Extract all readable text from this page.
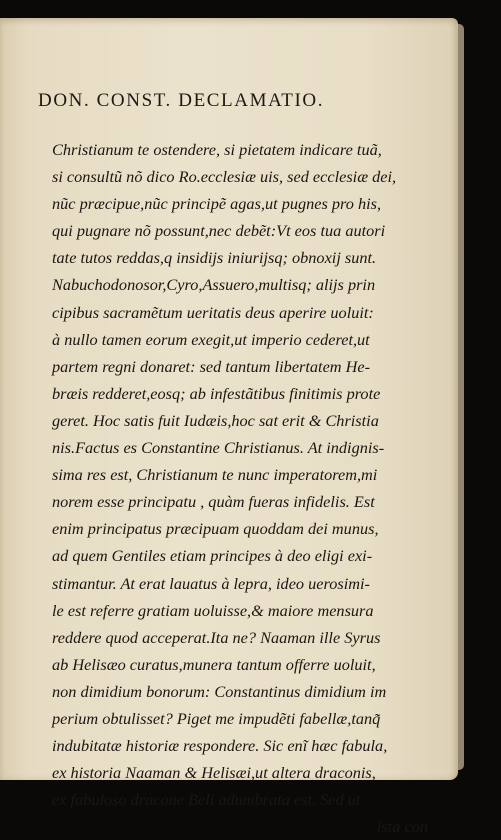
DON. CONST. DECLAMATIO.
Christianum te ostendere, si pietatem indicare tuã,
si consultũ nõ dico Ro.ecclesiæ uis, sed ecclesiæ dei,
nũc præcipue,nũc principẽ agas,ut pugnes pro his,
qui pugnare nõ possunt,nec debẽt:Vt eos tua autori
tate tutos reddas,q insidijs iniurijsq; obnoxij sunt.
Nabuchodonosor,Cyro,Assuero,multisq; alijs prin
cipibus sacramẽtum ueritatis deus aperire uoluit:
à nullo tamen eorum exegit,ut imperio cederet,ut
partem regni donaret: sed tantum libertatem He-
bræis redderet,eosq; ab infestãtibus finitimis prote
geret. Hoc satis fuit Iudæis,hoc sat erit & Christia
nis.Factus es Constantine Christianus. At indignis-
sima res est, Christianum te nunc imperatorem,mi
norem esse principatu , quàm fueras infidelis. Est
enim principatus præcipuam quoddam dei munus,
ad quem Gentiles etiam principes à deo eligi exi-
stimantur. At erat lauatus à lepra, ideo uerosimi-
le est referre gratiam uoluisse,& maiore mensura
reddere quod acceperat.Ita ne? Naaman ille Syrus
ab Helisæo curatus,munera tantum offerre uoluit,
non dimidium bonorum: Constantinus dimidium im
perium obtulisset? Piget me impudẽti fabellæ,tanq̃
indubitatæ historiæ respondere. Sic enĩ hæc fabula,
ex historia Naaman & Helisæi,ut altera draconis,
ex fabuloso dracone Beli adumbrata est. Sed ut
ista con
